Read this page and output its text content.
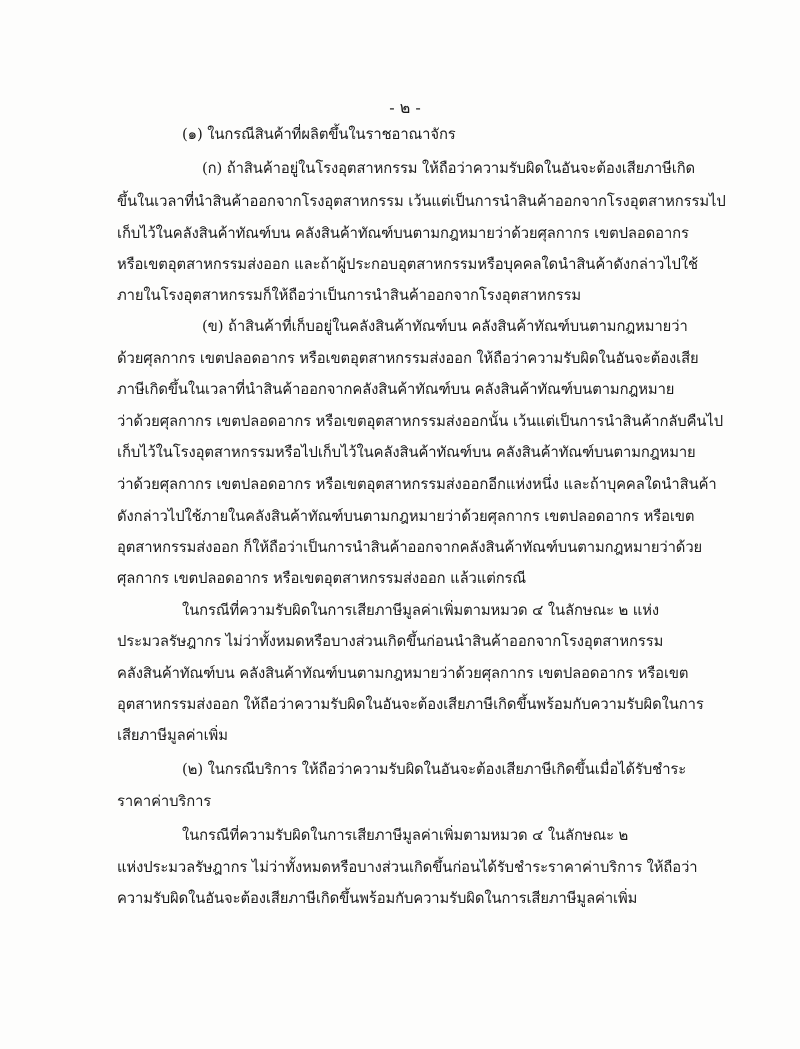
- ๒ -

(๑) ในกรณีสินค้าที่ผลิตขึ้นในราชอาณาจักร

(ก) ถ้าสินค้าอยู่ในโรงอุตสาหกรรม ให้ถือว่าความรับผิดในอันจะต้องเสียภาษีเกิด

ขึ้นในเวลาที่นำสินค้าออกจากโรงอุตสาหกรรม เว้นแต่เป็นการนำสินค้าออกจากโรงอุตสาหกรรมไป

เก็บไว้ในคลังสินค้าทัณฑ์บน คลังสินค้าทัณฑ์บนตามกฎหมายว่าด้วยศุลกากร เขตปลอดอากร

หรือเขตอุตสาหกรรมส่งออก และถ้าผู้ประกอบอุตสาหกรรมหรือบุคคลใดนำสินค้าดังกล่าวไปใช้

ภายในโรงอุตสาหกรรมก็ให้ถือว่าเป็นการนำสินค้าออกจากโรงอุตสาหกรรม

(ข) ถ้าสินค้าที่เก็บอยู่ในคลังสินค้าทัณฑ์บน คลังสินค้าทัณฑ์บนตามกฎหมายว่า

ด้วยศุลกากร เขตปลอดอากร หรือเขตอุตสาหกรรมส่งออก ให้ถือว่าความรับผิดในอันจะต้องเสีย

ภาษีเกิดขึ้นในเวลาที่นำสินค้าออกจากคลังสินค้าทัณฑ์บน คลังสินค้าทัณฑ์บนตามกฎหมาย

ว่าด้วยศุลกากร เขตปลอดอากร หรือเขตอุตสาหกรรมส่งออกนั้น เว้นแต่เป็นการนำสินค้ากลับคืนไป

เก็บไว้ในโรงอุตสาหกรรมหรือไปเก็บไว้ในคลังสินค้าทัณฑ์บน คลังสินค้าทัณฑ์บนตามกฎหมาย

ว่าด้วยศุลกากร เขตปลอดอากร หรือเขตอุตสาหกรรมส่งออกอีกแห่งหนึ่ง และถ้าบุคคลใดนำสินค้า

ดังกล่าวไปใช้ภายในคลังสินค้าทัณฑ์บนตามกฎหมายว่าด้วยศุลกากร เขตปลอดอากร หรือเขต

อุตสาหกรรมส่งออก ก็ให้ถือว่าเป็นการนำสินค้าออกจากคลังสินค้าทัณฑ์บนตามกฎหมายว่าด้วย

ศุลกากร เขตปลอดอากร หรือเขตอุตสาหกรรมส่งออก แล้วแต่กรณี

ในกรณีที่ความรับผิดในการเสียภาษีมูลค่าเพิ่มตามหมวด ๔ ในลักษณะ ๒ แห่ง

ประมวลรัษฎากร ไม่ว่าทั้งหมดหรือบางส่วนเกิดขึ้นก่อนนำสินค้าออกจากโรงอุตสาหกรรม

คลังสินค้าทัณฑ์บน คลังสินค้าทัณฑ์บนตามกฎหมายว่าด้วยศุลกากร เขตปลอดอากร หรือเขต

อุตสาหกรรมส่งออก ให้ถือว่าความรับผิดในอันจะต้องเสียภาษีเกิดขึ้นพร้อมกับความรับผิดในการ

เสียภาษีมูลค่าเพิ่ม

(๒) ในกรณีบริการ ให้ถือว่าความรับผิดในอันจะต้องเสียภาษีเกิดขึ้นเมื่อได้รับชำระ

ราคาค่าบริการ

ในกรณีที่ความรับผิดในการเสียภาษีมูลค่าเพิ่มตามหมวด ๔ ในลักษณะ ๒

แห่งประมวลรัษฎากร ไม่ว่าทั้งหมดหรือบางส่วนเกิดขึ้นก่อนได้รับชำระราคาค่าบริการ ให้ถือว่า

ความรับผิดในอันจะต้องเสียภาษีเกิดขึ้นพร้อมกับความรับผิดในการเสียภาษีมูลค่าเพิ่ม
